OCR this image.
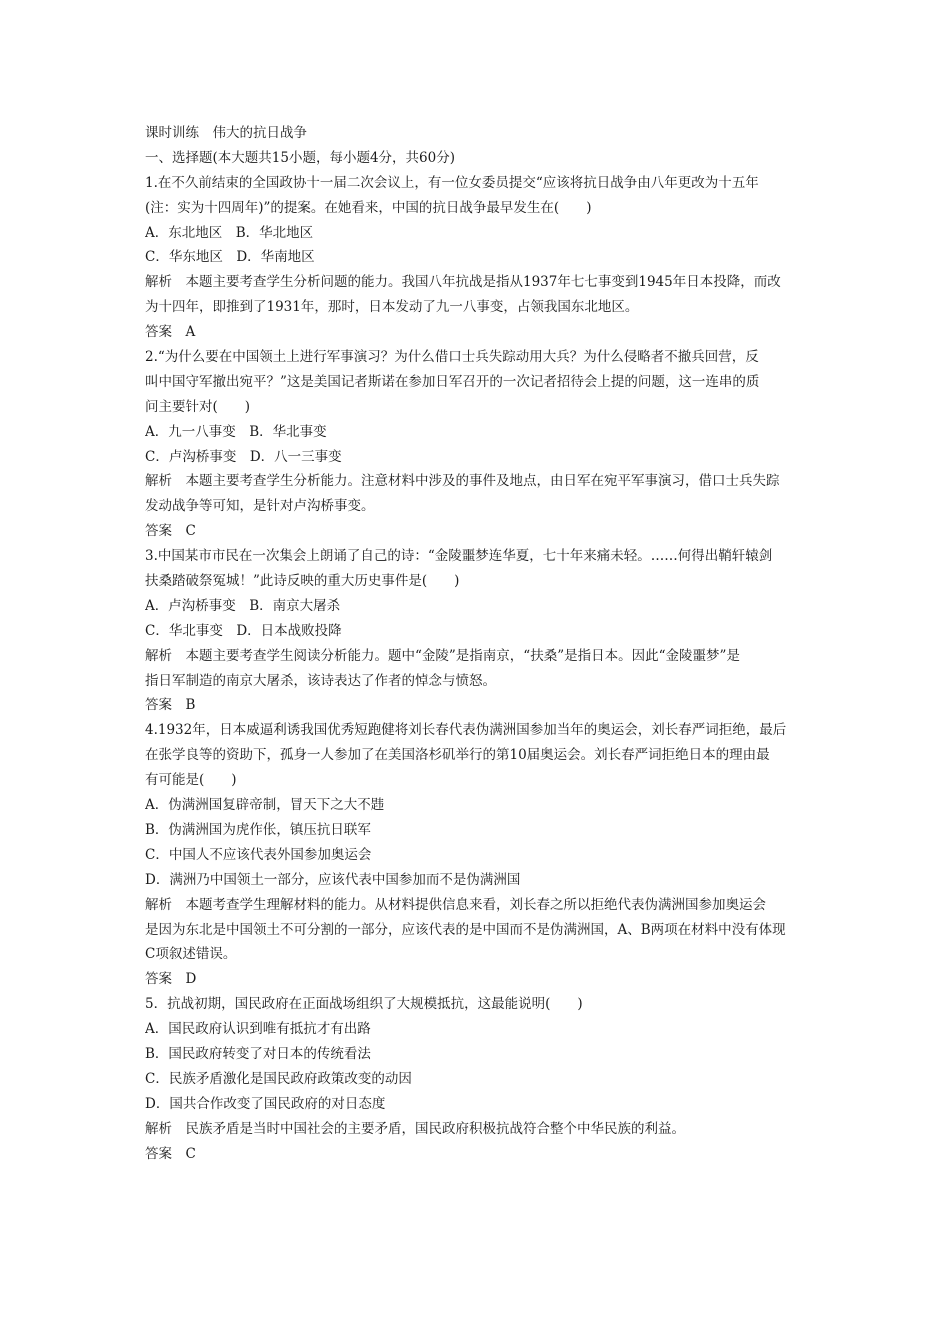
课时训练　伟大的抗日战争
一、选择题(本大题共15小题，每小题4分，共60分)
1.在不久前结束的全国政协十一届二次会议上，有一位女委员提交“应该将抗日战争由八年更改为十五年
(注：实为十四周年)”的提案。在她看来，中国的抗日战争最早发生在(　　)
A．东北地区　B．华北地区
C．华东地区　D．华南地区
解析　本题主要考查学生分析问题的能力。我国八年抗战是指从1937年七七事变到1945年日本投降，而改
为十四年，即推到了1931年，那时，日本发动了九一八事变，占领我国东北地区。
答案　A
2.“为什么要在中国领土上进行军事演习？为什么借口士兵失踪动用大兵？为什么侵略者不撤兵回营，反
叫中国守军撤出宛平？”这是美国记者斯诺在参加日军召开的一次记者招待会上提的问题，这一连串的质
问主要针对(　　)
A．九一八事变　B．华北事变
C．卢沟桥事变　D．八一三事变
解析　本题主要考查学生分析能力。注意材料中涉及的事件及地点，由日军在宛平军事演习，借口士兵失踪
发动战争等可知，是针对卢沟桥事变。
答案　C
3.中国某市市民在一次集会上朗诵了自己的诗：“金陵噩梦连华夏，七十年来痛未轻。……何得出鞘轩辕剑
扶桑踏破祭冤城！”此诗反映的重大历史事件是(　　)
A．卢沟桥事变　B．南京大屠杀
C．华北事变　D．日本战败投降
解析　本题主要考查学生阅读分析能力。题中“金陵”是指南京，“扶桑”是指日本。因此“金陵噩梦”是
指日军制造的南京大屠杀，该诗表达了作者的悼念与愤怒。
答案　B
4.1932年，日本威逼利诱我国优秀短跑健将刘长春代表伪满洲国参加当年的奥运会，刘长春严词拒绝，最后
在张学良等的资助下，孤身一人参加了在美国洛杉矶举行的第10届奥运会。刘长春严词拒绝日本的理由最
有可能是(　　)
A．伪满洲国复辟帝制，冒天下之大不韪
B．伪满洲国为虎作伥，镇压抗日联军
C．中国人不应该代表外国参加奥运会
D．满洲乃中国领土一部分，应该代表中国参加而不是伪满洲国
解析　本题考查学生理解材料的能力。从材料提供信息来看，刘长春之所以拒绝代表伪满洲国参加奥运会
是因为东北是中国领土不可分割的一部分，应该代表的是中国而不是伪满洲国，A、B两项在材料中没有体现
C项叙述错误。
答案　D
5．抗战初期，国民政府在正面战场组织了大规模抵抗，这最能说明(　　)
A．国民政府认识到唯有抵抗才有出路
B．国民政府转变了对日本的传统看法
C．民族矛盾激化是国民政府政策改变的动因
D．国共合作改变了国民政府的对日态度
解析　民族矛盾是当时中国社会的主要矛盾，国民政府积极抗战符合整个中华民族的利益。
答案　C
